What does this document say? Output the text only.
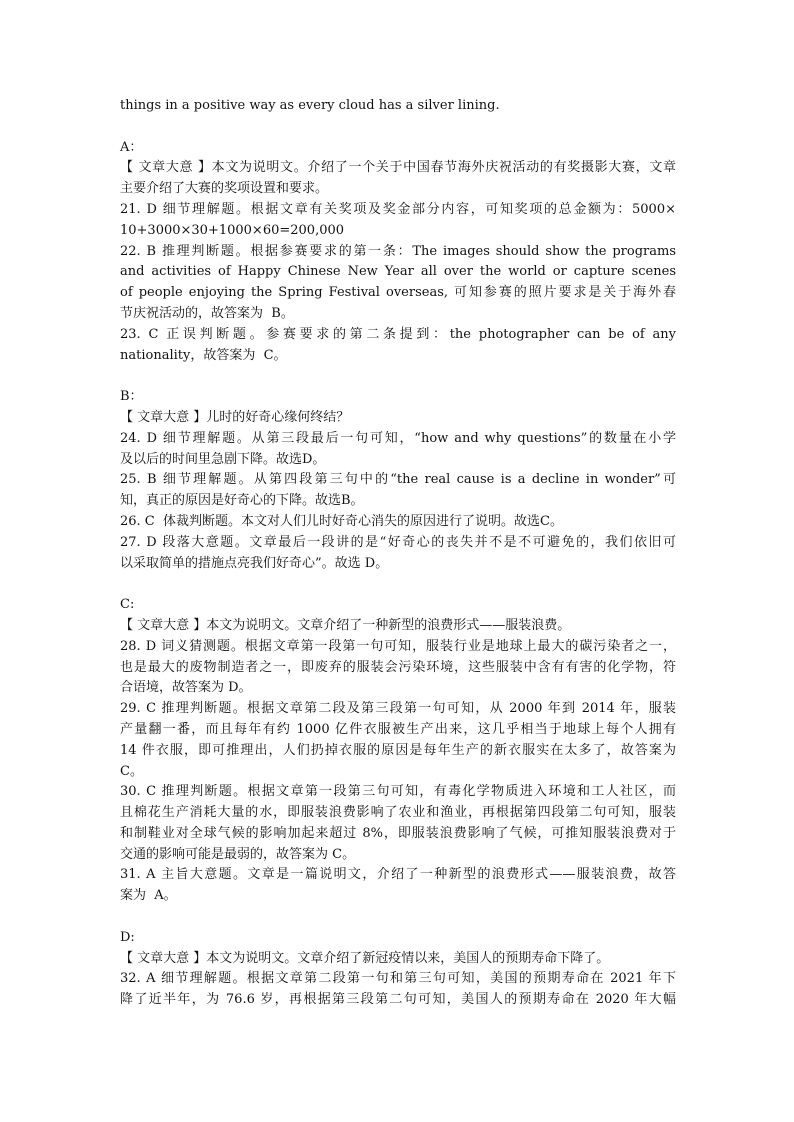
things in a positive way as every cloud has a silver lining.
A：
【 文章大意 】本文为说明文。介绍了一个关于中国春节海外庆祝活动的有奖摄影大赛，文章
主要介绍了大赛的奖项设置和要求。
21. D 细节理解题。根据文章有关奖项及奖金部分内容，可知奖项的总金额为：5000×
10+3000×30+1000×60=200,000
22. B 推理判断题。根据参赛要求的第一条：The images should show the programs
and activities of Happy Chinese New Year all over the world or capture scenes
of people enjoying the Spring Festival overseas, 可知参赛的照片要求是关于海外春
节庆祝活动的，故答案为  B。
23. C 正误判断题。参赛要求的第二条提到：the photographer can be of any
nationality，故答案为  C。
B：
【 文章大意 】儿时的好奇心缘何终结？
24. D 细节理解题。从第三段最后一句可知，“how and why questions”的数量在小学
及以后的时间里急剧下降。故选D。
25. B 细节理解题。从第四段第三句中的“the real cause is a decline in wonder”可
知，真正的原因是好奇心的下降。故选B。
26. C  体裁判断题。本文对人们儿时好奇心消失的原因进行了说明。故选C。
27. D 段落大意题。文章最后一段讲的是“好奇心的丧失并不是不可避免的，我们依旧可
以采取简单的措施点亮我们好奇心”。故选 D。
C:
【 文章大意 】本文为说明文。文章介绍了一种新型的浪费形式——服装浪费。
28. D 词义猜测题。根据文章第一段第一句可知，服装行业是地球上最大的碳污染者之一，
也是最大的废物制造者之一，即废弃的服装会污染环境，这些服装中含有有害的化学物，符
合语境，故答案为 D。
29. C 推理判断题。根据文章第二段及第三段第一句可知，从 2000 年到 2014 年，服装
产量翻一番，而且每年有约 1000 亿件衣服被生产出来，这几乎相当于地球上每个人拥有
14 件衣服，即可推理出，人们扔掉衣服的原因是每年生产的新衣服实在太多了，故答案为
C。
30. C 推理判断题。根据文章第一段第三句可知，有毒化学物质进入环境和工人社区，而
且棉花生产消耗大量的水，即服装浪费影响了农业和渔业，再根据第四段第二句可知，服装
和制鞋业对全球气候的影响加起来超过 8%，即服装浪费影响了气候，可推知服装浪费对于
交通的影响可能是最弱的，故答案为 C。
31. A 主旨大意题。文章是一篇说明文，介绍了一种新型的浪费形式——服装浪费，故答
案为  A。
D:
【 文章大意 】本文为说明文。文章介绍了新冠疫情以来，美国人的预期寿命下降了。
32. A 细节理解题。根据文章第二段第一句和第三句可知，美国的预期寿命在 2021 年下
降了近半年，为 76.6 岁，再根据第三段第二句可知，美国人的预期寿命在 2020 年大幅
